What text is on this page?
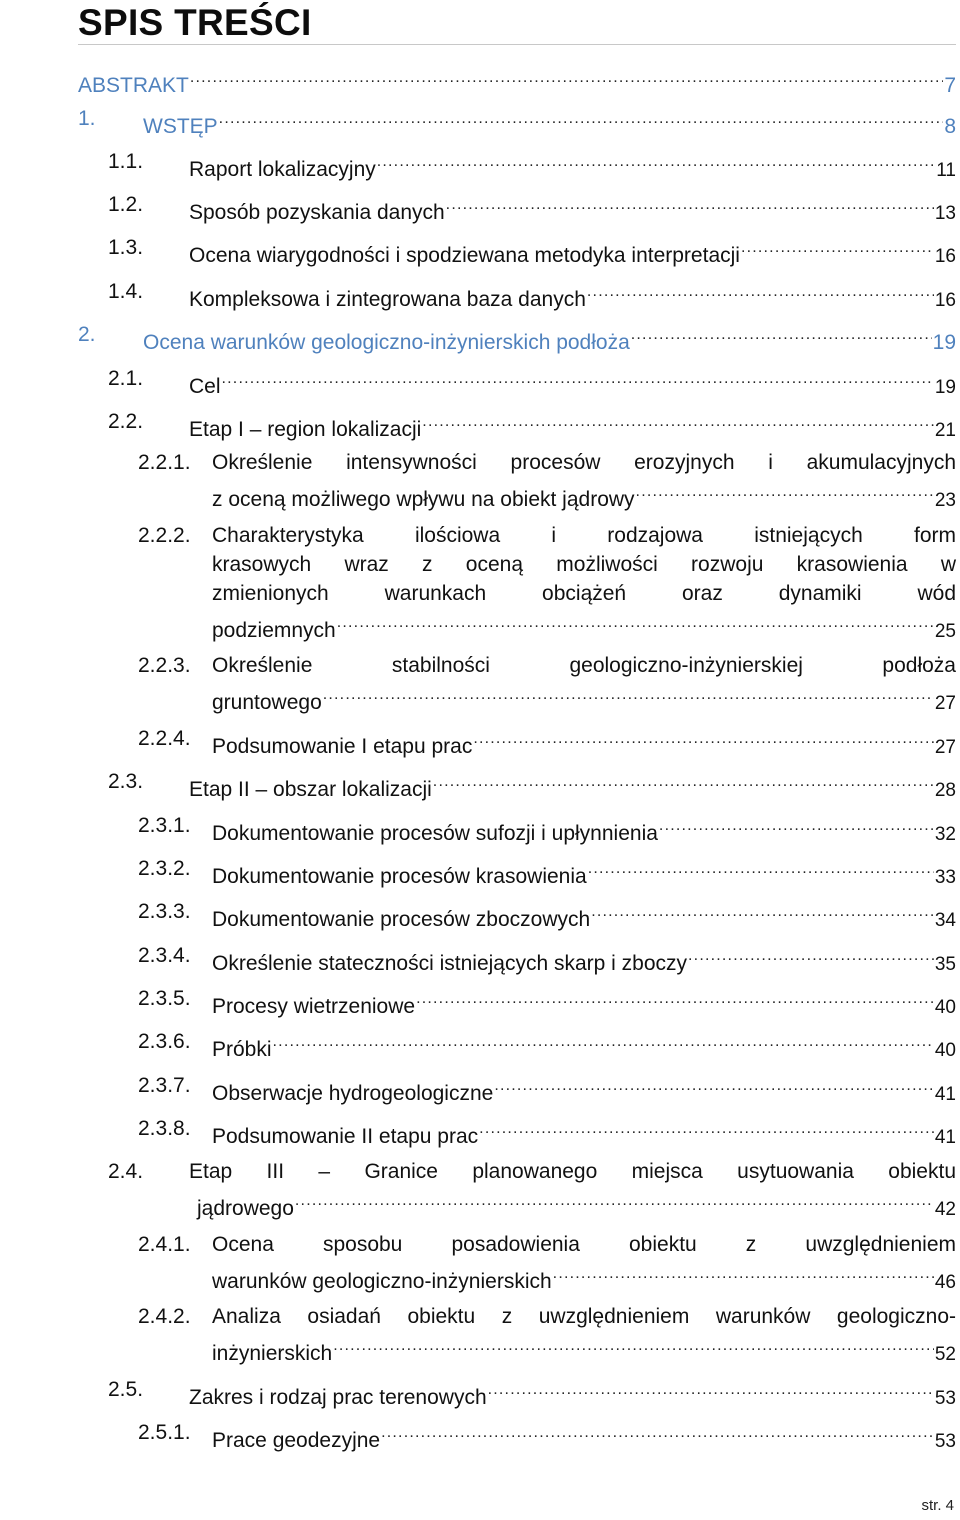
SPIS TREŚCI
ABSTRAKT .....	7
1. WSTĘP .....	8
1.1. Raport lokalizacyjny .....	11
1.2. Sposób pozyskania danych .....	13
1.3. Ocena wiarygodności i spodziewana metodyka interpretacji .....	16
1.4. Kompleksowa i zintegrowana baza danych .....	16
2. Ocena warunków geologiczno-inżynierskich podłoża .....	19
2.1. Cel .....	19
2.2. Etap I – region lokalizacji .....	21
2.2.1. Określenie intensywności procesów erozyjnych i akumulacyjnych
z oceną możliwego wpływu na obiekt jądrowy .....	23
2.2.2. Charakterystyka ilościowa i rodzajowa istniejących form
krasowych wraz z oceną możliwości rozwoju krasowienia w
zmienionych warunkach obciążeń oraz dynamiki wód
podziemnych .....	25
2.2.3. Określenie stabilności geologiczno-inżynierskiej podłoża
gruntowego .....	27
2.2.4. Podsumowanie I etapu prac .....	27
2.3. Etap II – obszar lokalizacji .....	28
2.3.1. Dokumentowanie procesów sufozji i upłynnienia .....	32
2.3.2. Dokumentowanie procesów krasowienia .....	33
2.3.3. Dokumentowanie procesów zboczowych .....	34
2.3.4. Określenie stateczności istniejących skarp i zboczy .....	35
2.3.5. Procesy wietrzeniowe .....	40
2.3.6. Próbki .....	40
2.3.7. Obserwacje hydrogeologiczne .....	41
2.3.8. Podsumowanie II etapu prac .....	41
2.4. Etap III – Granice planowanego miejsca usytuowania obiektu
jądrowego .....	42
2.4.1. Ocena sposobu posadowienia obiektu z uwzględnieniem
warunków geologiczno-inżynierskich .....	46
2.4.2. Analiza osiadań obiektu z uwzględnieniem warunków geologiczno-
inżynierskich .....	52
2.5. Zakres i rodzaj prac terenowych .....	53
2.5.1. Prace geodezyjne .....	53
str. 4
